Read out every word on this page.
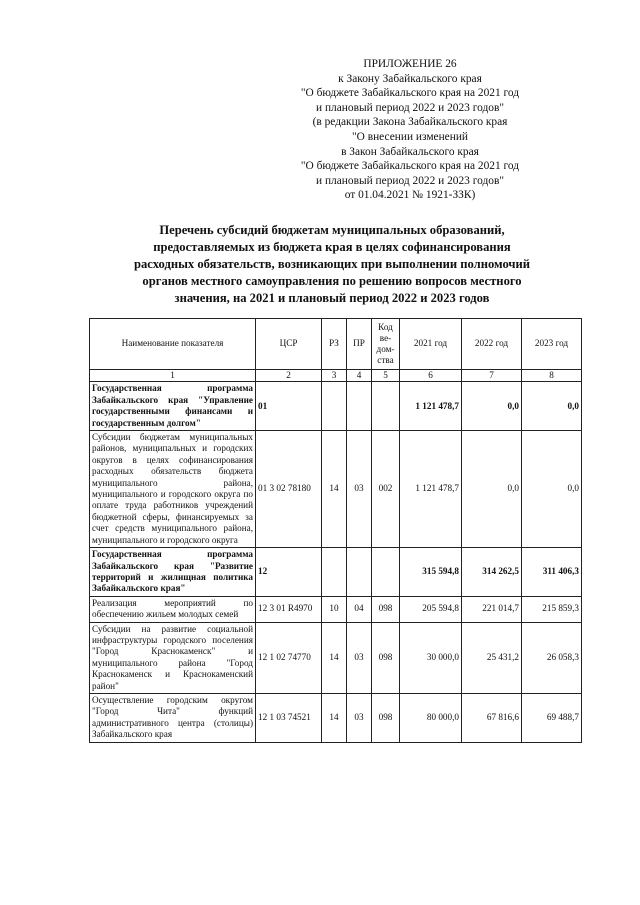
ПРИЛОЖЕНИЕ 26
к Закону Забайкальского края
"О бюджете Забайкальского края на 2021 год
и плановый период 2022 и 2023 годов"
(в редакции Закона Забайкальского края
"О внесении изменений
в Закон Забайкальского края
"О бюджете Забайкальского края на 2021 год
и плановый период 2022 и 2023 годов"
от 01.04.2021 № 1921-ЗЗК)
Перечень субсидий бюджетам муниципальных образований,
предоставляемых из бюджета края в целях софинансирования
расходных обязательств, возникающих при выполнении полномочий
органов местного самоуправления по решению вопросов местного
значения, на 2021 и плановый период 2022 и 2023 годов
Наименование показателя	ЦСР	РЗ	ПР	Код ве-дом-ства	2021 год	2022 год	2023 год
1	2	3	4	5	6	7	8
Государственная программа Забайкальского края "Управление государственными финансами и государственным долгом"	01				1 121 478,7	0,0	0,0
Субсидии бюджетам муниципальных районов, муниципальных и городских округов в целях софинансирования расходных обязательств бюджета муниципального района, муниципального и городского округа по оплате труда работников учреждений бюджетной сферы, финансируемых за счет средств муниципального района, муниципального и городского округа	01 3 02 78180	14	03	002	1 121 478,7	0,0	0,0
Государственная программа Забайкальского края "Развитие территорий и жилищная политика Забайкальского края"	12				315 594,8	314 262,5	311 406,3
Реализация мероприятий по обеспечению жильем молодых семей	12 3 01 R4970	10	04	098	205 594,8	221 014,7	215 859,3
Субсидии на развитие социальной инфраструктуры городского поселения "Город Краснокаменск" и муниципального района "Город Краснокаменск и Краснокаменский район"	12 1 02 74770	14	03	098	30 000,0	25 431,2	26 058,3
Осуществление городским округом "Город Чита" функций административного центра (столицы) Забайкальского края	12 1 03 74521	14	03	098	80 000,0	67 816,6	69 488,7
